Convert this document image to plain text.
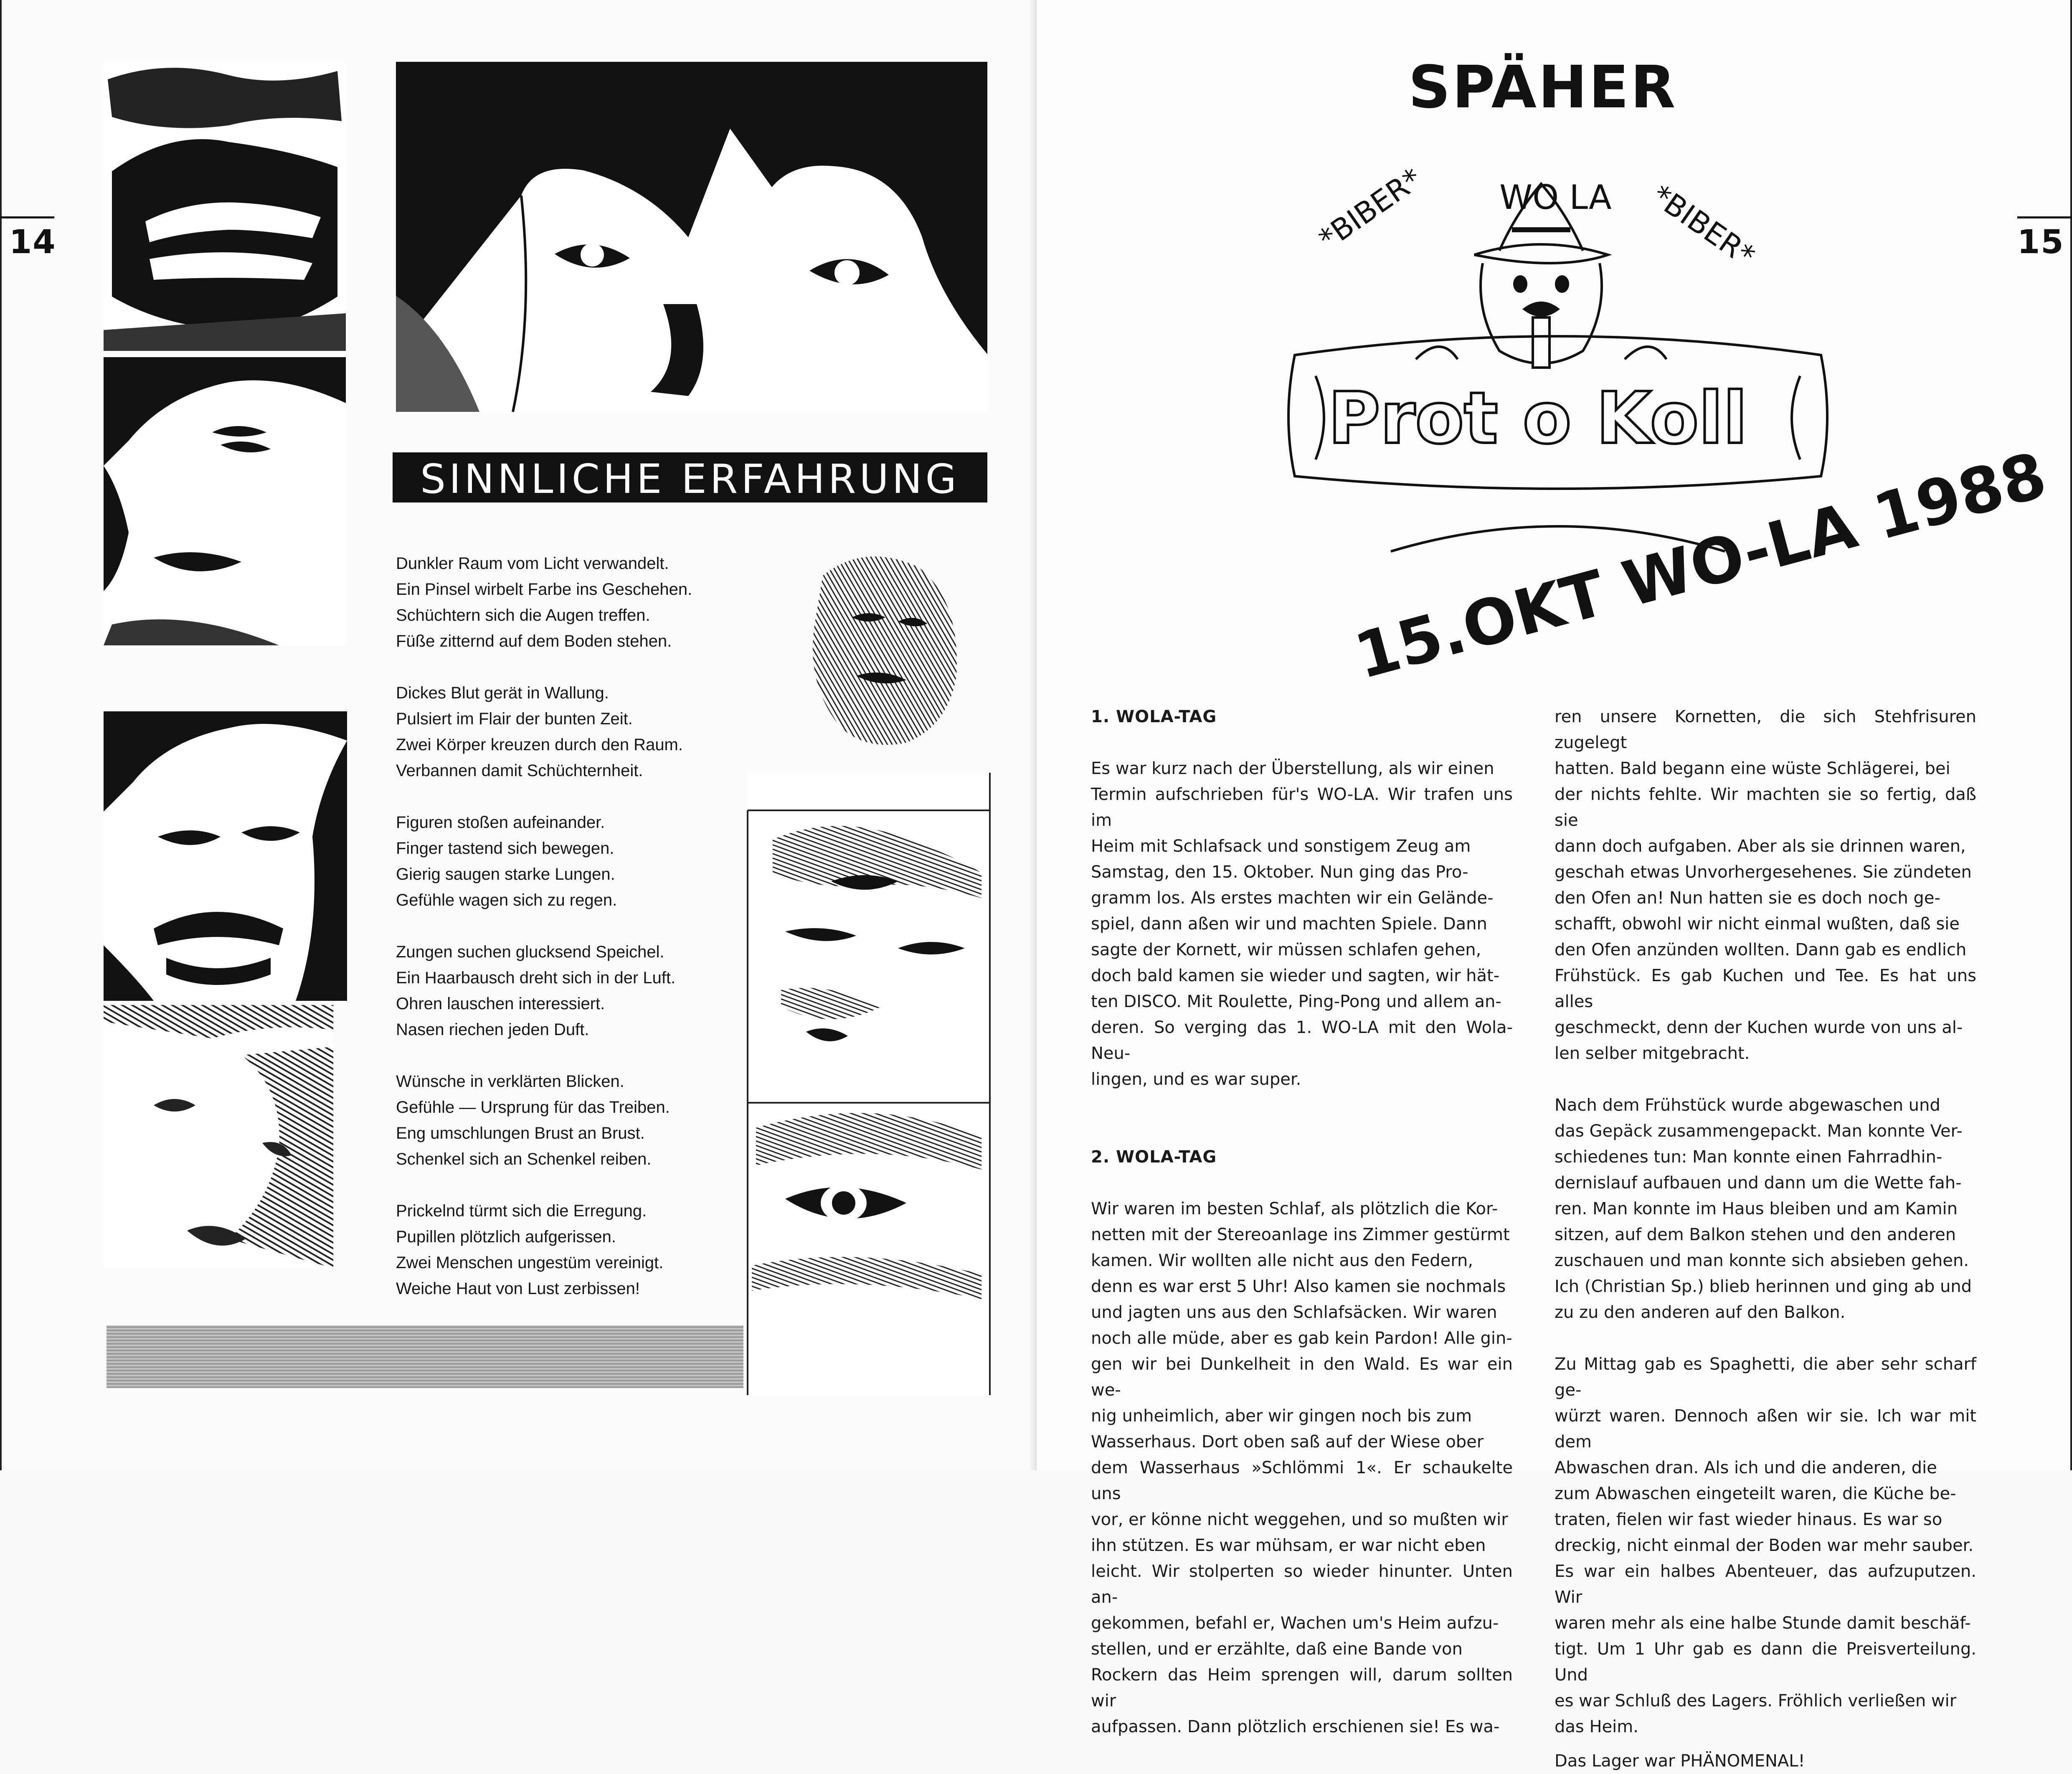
14
SINNLICHE ERFAHRUNG
Dunkler Raum vom Licht verwandelt.
Ein Pinsel wirbelt Farbe ins Geschehen.
Schüchtern sich die Augen treffen.
Füße zitternd auf dem Boden stehen.
Dickes Blut gerät in Wallung.
Pulsiert im Flair der bunten Zeit.
Zwei Körper kreuzen durch den Raum.
Verbannen damit Schüchternheit.
Figuren stoßen aufeinander.
Finger tastend sich bewegen.
Gierig saugen starke Lungen.
Gefühle wagen sich zu regen.
Zungen suchen glucksend Speichel.
Ein Haarbausch dreht sich in der Luft.
Ohren lauschen interessiert.
Nasen riechen jeden Duft.
Wünsche in verklärten Blicken.
Gefühle — Ursprung für das Treiben.
Eng umschlungen Brust an Brust.
Schenkel sich an Schenkel reiben.
Prickelnd türmt sich die Erregung.
Pupillen plötzlich aufgerissen.
Zwei Menschen ungestüm vereinigt.
Weiche Haut von Lust zerbissen!
15
SPÄHER
*BIBER* WO LA *BIBER*
Prot o Koll
15.OKT WO-LA 1988
1. WOLA-TAG

Es war kurz nach der Überstellung, als wir einen

Termin aufschrieben für's WO-LA. Wir trafen uns im

Heim mit Schlafsack und sonstigem Zeug am

Samstag, den 15. Oktober. Nun ging das Pro-

gramm los. Als erstes machten wir ein Gelände-

spiel, dann aßen wir und machten Spiele. Dann

sagte der Kornett, wir müssen schlafen gehen,

doch bald kamen sie wieder und sagten, wir hät-

ten DISCO. Mit Roulette, Ping-Pong und allem an-

deren. So verging das 1. WO-LA mit den Wola-Neu-

lingen, und es war super.

2. WOLA-TAG

Wir waren im besten Schlaf, als plötzlich die Kor-

netten mit der Stereoanlage ins Zimmer gestürmt

kamen. Wir wollten alle nicht aus den Federn,

denn es war erst 5 Uhr! Also kamen sie nochmals

und jagten uns aus den Schlafsäcken. Wir waren

noch alle müde, aber es gab kein Pardon! Alle gin-

gen wir bei Dunkelheit in den Wald. Es war ein we-

nig unheimlich, aber wir gingen noch bis zum

Wasserhaus. Dort oben saß auf der Wiese ober

dem Wasserhaus »Schlömmi 1«. Er schaukelte uns

vor, er könne nicht weggehen, und so mußten wir

ihn stützen. Es war mühsam, er war nicht eben

leicht. Wir stolperten so wieder hinunter. Unten an-

gekommen, befahl er, Wachen um's Heim aufzu-

stellen, und er erzählte, daß eine Bande von

Rockern das Heim sprengen will, darum sollten wir

aufpassen. Dann plötzlich erschienen sie! Es wa-

ren unsere Kornetten, die sich Stehfrisuren zugelegt

hatten. Bald begann eine wüste Schlägerei, bei

der nichts fehlte. Wir machten sie so fertig, daß sie

dann doch aufgaben. Aber als sie drinnen waren,

geschah etwas Unvorhergesehenes. Sie zündeten

den Ofen an! Nun hatten sie es doch noch ge-

schafft, obwohl wir nicht einmal wußten, daß sie

den Ofen anzünden wollten. Dann gab es endlich

Frühstück. Es gab Kuchen und Tee. Es hat uns alles

geschmeckt, denn der Kuchen wurde von uns al-

len selber mitgebracht.

Nach dem Frühstück wurde abgewaschen und

das Gepäck zusammengepackt. Man konnte Ver-

schiedenes tun: Man konnte einen Fahrradhin-

dernislauf aufbauen und dann um die Wette fah-

ren. Man konnte im Haus bleiben und am Kamin

sitzen, auf dem Balkon stehen und den anderen

zuschauen und man konnte sich absieben gehen.

Ich (Christian Sp.) blieb herinnen und ging ab und

zu zu den anderen auf den Balkon.

Zu Mittag gab es Spaghetti, die aber sehr scharf ge-

würzt waren. Dennoch aßen wir sie. Ich war mit dem

Abwaschen dran. Als ich und die anderen, die

zum Abwaschen eingeteilt waren, die Küche be-

traten, fielen wir fast wieder hinaus. Es war so

dreckig, nicht einmal der Boden war mehr sauber.

Es war ein halbes Abenteuer, das aufzuputzen. Wir

waren mehr als eine halbe Stunde damit beschäf-

tigt. Um 1 Uhr gab es dann die Preisverteilung. Und

es war Schluß des Lagers. Fröhlich verließen wir

das Heim.

Das Lager war PHÄNOMENAL!
